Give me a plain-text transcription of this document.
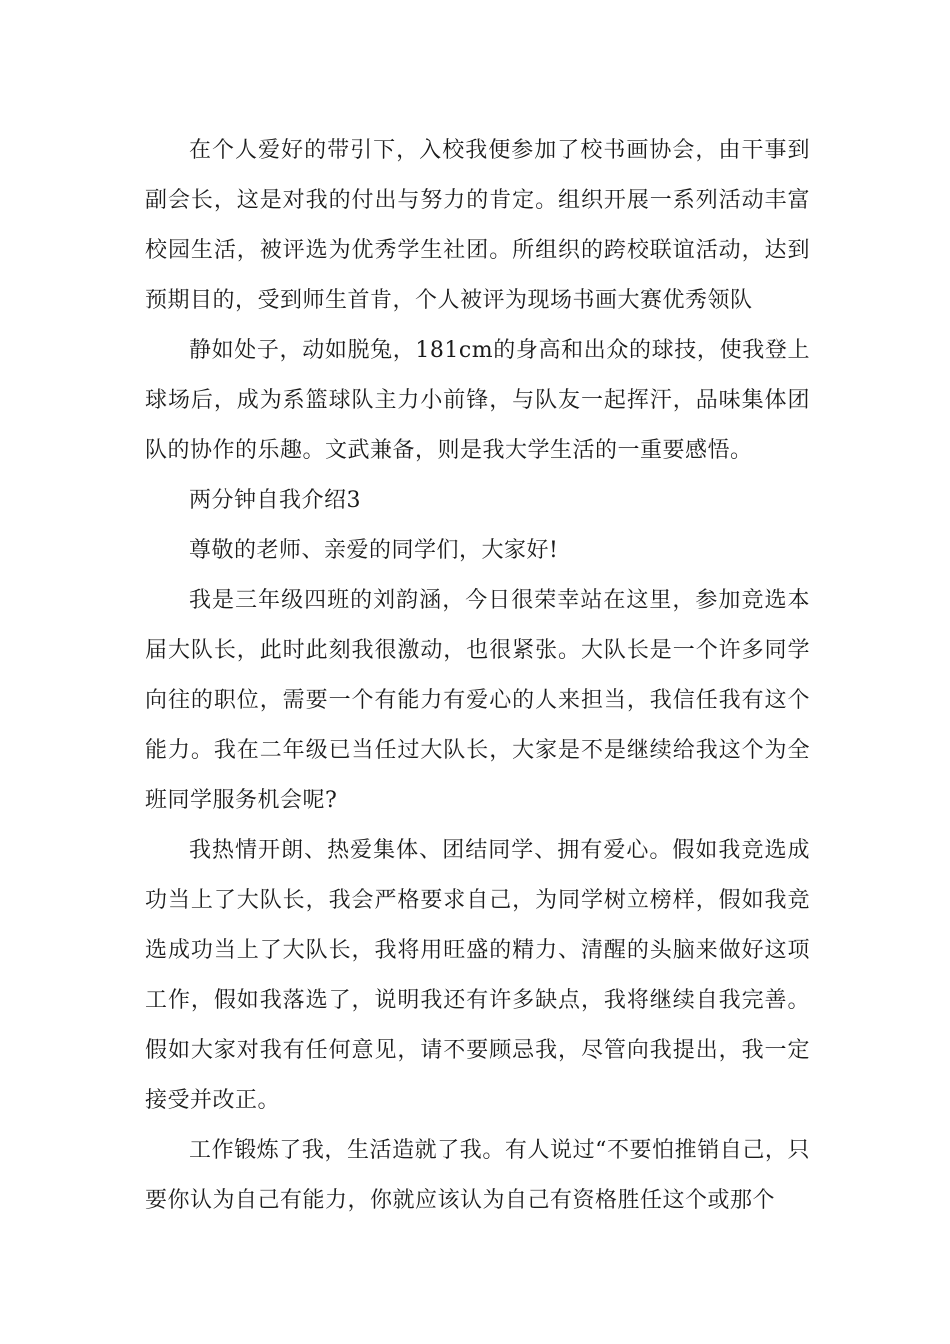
在个人爱好的带引下，入校我便参加了校书画协会，由干事到副会长，这是对我的付出与努力的肯定。组织开展一系列活动丰富校园生活，被评选为优秀学生社团。所组织的跨校联谊活动，达到预期目的，受到师生首肯，个人被评为现场书画大赛优秀领队

静如处子，动如脱兔，181cm的身高和出众的球技，使我登上球场后，成为系篮球队主力小前锋，与队友一起挥汗，品味集体团队的协作的乐趣。文武兼备，则是我大学生活的一重要感悟。

两分钟自我介绍3

尊敬的老师、亲爱的同学们，大家好!

我是三年级四班的刘韵涵，今日很荣幸站在这里，参加竞选本届大队长，此时此刻我很激动，也很紧张。大队长是一个许多同学向往的职位，需要一个有能力有爱心的人来担当，我信任我有这个能力。我在二年级已当任过大队长，大家是不是继续给我这个为全班同学服务机会呢?

我热情开朗、热爱集体、团结同学、拥有爱心。假如我竞选成功当上了大队长，我会严格要求自己，为同学树立榜样，假如我竞选成功当上了大队长，我将用旺盛的精力、清醒的头脑来做好这项工作，假如我落选了，说明我还有许多缺点，我将继续自我完善。假如大家对我有任何意见，请不要顾忌我，尽管向我提出，我一定接受并改正。

工作锻炼了我，生活造就了我。有人说过“不要怕推销自己，只要你认为自己有能力，你就应该认为自己有资格胜任这个或那个
